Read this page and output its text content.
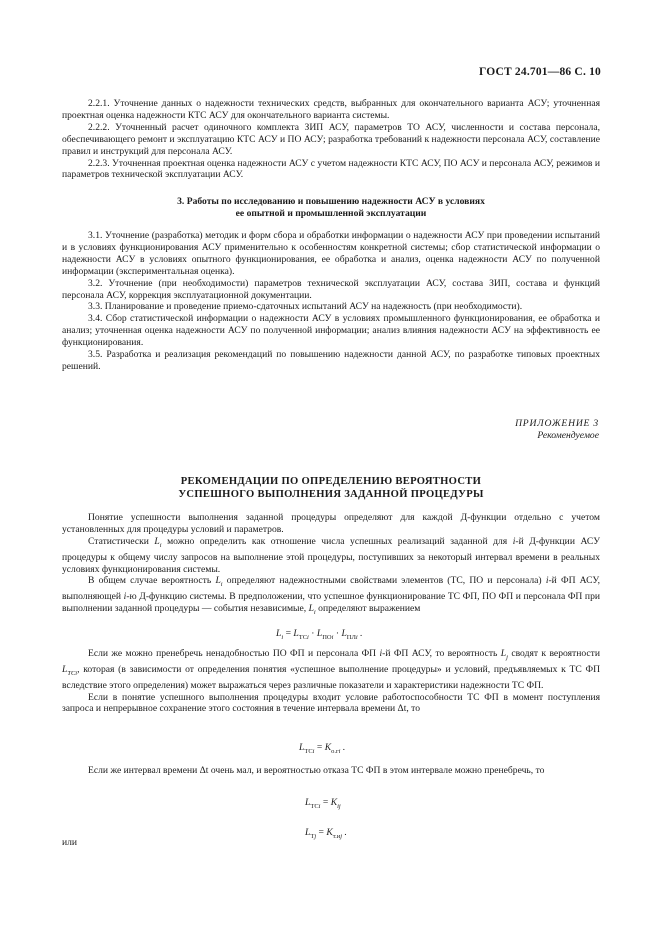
ГОСТ 24.701—86 С. 10

2.2.1. Уточнение данных о надежности технических средств, выбранных для окончательного варианта АСУ; уточненная проектная оценка надежности КТС АСУ для окончательного варианта системы.

2.2.2. Уточненный расчет одиночного комплекта ЗИП АСУ, параметров ТО АСУ, численности и состава персонала, обеспечивающего ремонт и эксплуатацию КТС АСУ и ПО АСУ; разработка требований к надежности персонала АСУ, составление правил и инструкций для персонала АСУ.

2.2.3. Уточненная проектная оценка надежности АСУ с учетом надежности КТС АСУ, ПО АСУ и персонала АСУ, режимов и параметров технической эксплуатации АСУ.

3. Работы по исследованию и повышению надежности АСУ в условиях
ее опытной и промышленной эксплуатации

3.1. Уточнение (разработка) методик и форм сбора и обработки информации о надежности АСУ при проведении испытаний и в условиях функционирования АСУ применительно к особенностям конкретной системы; сбор статистической информации о надежности АСУ в условиях опытного функционирования, ее обработка и анализ, оценка надежности АСУ по полученной информации (экспериментальная оценка).

3.2. Уточнение (при необходимости) параметров технической эксплуатации АСУ, состава ЗИП, состава и функций персонала АСУ, коррекция эксплуатационной документации.

3.3. Планирование и проведение приемо-сдаточных испытаний АСУ на надежность (при необходимости).

3.4. Сбор статистической информации о надежности АСУ в условиях промышленного функционирования, ее обработка и анализ; уточненная оценка надежности АСУ по полученной информации; анализ влияния надежности АСУ на эффективность ее функционирования.

3.5. Разработка и реализация рекомендаций по повышению надежности данной АСУ, по разработке типовых проектных решений.

ПРИЛОЖЕНИЕ 3
Рекомендуемое
РЕКОМЕНДАЦИИ ПО ОПРЕДЕЛЕНИЮ ВЕРОЯТНОСТИ
УСПЕШНОГО ВЫПОЛНЕНИЯ ЗАДАННОЙ ПРОЦЕДУРЫ

Понятие успешности выполнения заданной процедуры определяют для каждой Д-функции отдельно с учетом установленных для процедуры условий и параметров.

Статистически $L_i$ можно определить как отношение числа успешных реализаций заданной для i-й Д-функции АСУ процедуры к общему числу запросов на выполнение этой процедуры, поступивших за некоторый интервал времени в реальных условиях функционирования системы.

В общем случае вероятность $L_i$ определяют надежностными свойствами элементов (ТС, ПО и персонала) i-й ФП АСУ, выполняющей i-ю Д-функцию системы. В предположении, что успешное функционирование ТС ФП, ПО ФП и персонала ФП при выполнении заданной процедуры — события независимые, $L_i$ определяют выражением

$L_i = L_{ТСi} \cdot L_{ПОi} \cdot L_{ПЛi}$ .

Если же можно пренебречь ненадобностью ПО ФП и персонала ФП i-й ФП АСУ, то вероятность $L_j$ сводят к вероятности $L_{ТСi}$, которая (в зависимости от определения понятия «успешное выполнение процедуры» и условий, предъявляемых к ТС ФП вследствие этого определения) может выражаться через различные показатели и характеристики надежности ТС ФП.

Если в понятие успешного выполнения процедуры входит условие работоспособности ТС ФП в момент поступления запроса и непрерывное сохранение этого состояния в течение интервала времени Δt, то

$L_{ТСi} = K_{о.гi}$ .

Если же интервал времени Δt очень мал, и вероятностью отказа ТС ФП в этом интервале можно пренебречь, то

$L_{ТСi} = K_{ij}$
или
$L_{Тj} = K_{т.иj}$ .
